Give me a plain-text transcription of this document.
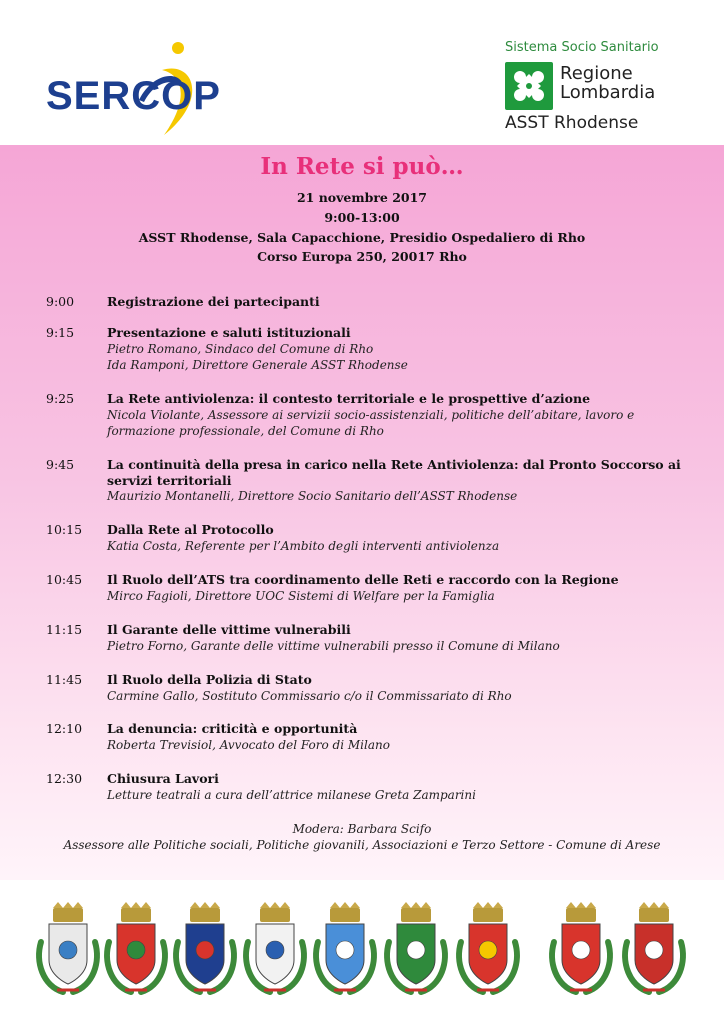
SERCOP
Sistema Socio Sanitario
Regione
Lombardia
ASST Rhodense
In Rete si può…
21 novembre 2017
9:00-13:00
ASST Rhodense, Sala Capacchione, Presidio Ospedaliero di Rho
Corso Europa 250, 20017 Rho
9:00	Registrazione dei partecipanti
9:15	Presentazione e saluti istituzionali
Pietro Romano, Sindaco del Comune di Rho
Ida Ramponi, Direttore Generale ASST Rhodense
9:25	La Rete antiviolenza: il contesto territoriale e le prospettive d’azione
Nicola Violante, Assessore ai servizii socio-assistenziali, politiche dell’abitare, lavoro e
formazione professionale, del Comune di Rho
9:45	La continuità della presa in carico nella Rete Antiviolenza: dal Pronto Soccorso ai servizi territoriali
Maurizio Montanelli, Direttore Socio Sanitario dell’ASST Rhodense
10:15 Dalla Rete al Protocollo
Katia Costa, Referente per l’Ambito degli interventi antiviolenza
10:45 Il Ruolo dell’ATS tra coordinamento delle Reti e raccordo con la Regione
Mirco Fagioli, Direttore UOC Sistemi di Welfare per la Famiglia
11:15 Il Garante delle vittime vulnerabili
Pietro Forno, Garante delle vittime vulnerabili presso il Comune di Milano
11:45 Il Ruolo della Polizia di Stato
Carmine Gallo, Sostituto Commissario c/o il Commissariato di Rho
12:10 La denuncia: criticità e opportunità
Roberta Trevisiol, Avvocato del Foro di Milano
12:30 Chiusura Lavori
Letture teatrali a cura dell’attrice milanese Greta Zamparini
Modera: Barbara Scifo
Assessore alle Politiche sociali, Politiche giovanili, Associazioni e Terzo Settore - Comune di Arese
